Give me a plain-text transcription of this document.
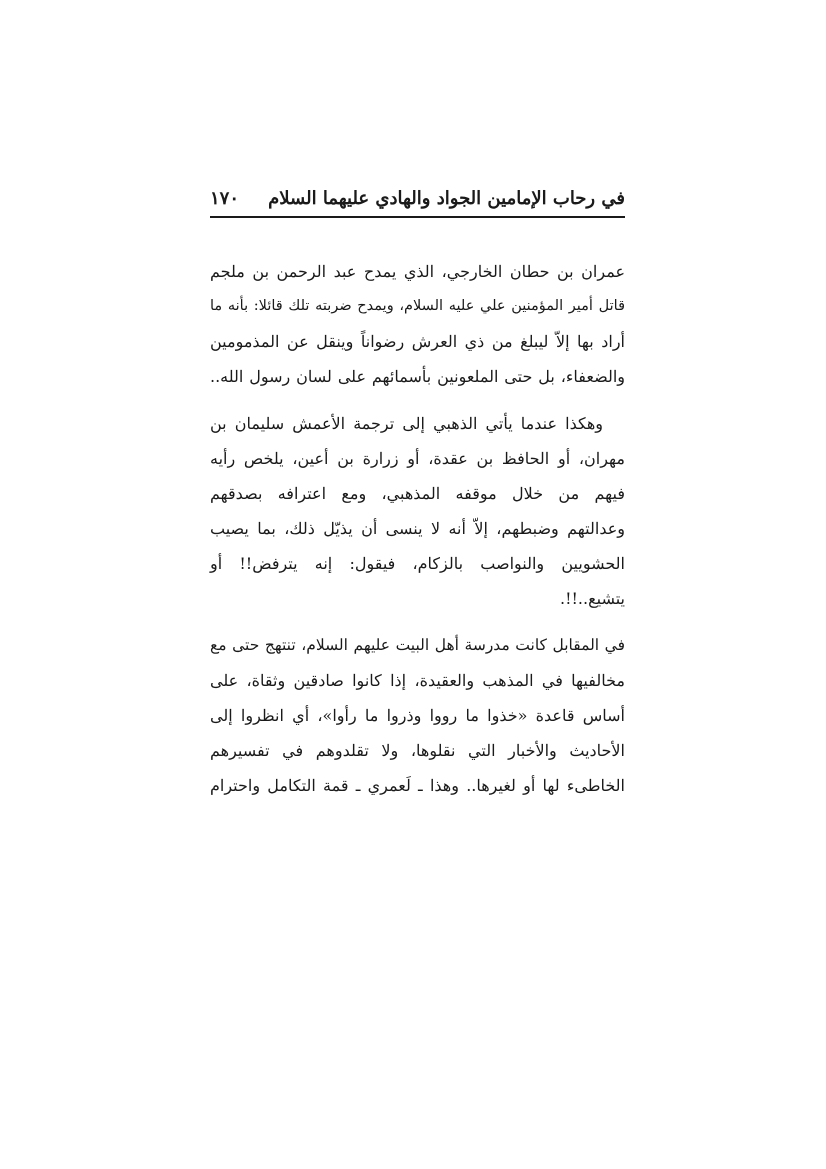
في رحاب الإمامين الجواد والهادي عليهما السلام
١٧٠

عمران بن حطان الخارجي، الذي يمدح عبد الرحمن بن ملجم
قاتل أمير المؤمنين علي عليه السلام، ويمدح ضربته تلك قائلا: بأنه ما
أراد بها إلاّ ليبلغ من ذي العرش رضواناً وينقل عن المذمومين
والضعفاء، بل حتى الملعونين بأسمائهم على لسان رسول الله..

وهكذا عندما يأتي الذهبي إلى ترجمة الأعمش سليمان بن
مهران، أو الحافظ بن عقدة، أو زرارة بن أعين، يلخص رأيه
فيهم من خلال موقفه المذهبي، ومع اعترافه بصدقهم
وعدالتهم وضبطهم، إلاّ أنه لا ينسى أن يذيّل ذلك، بما يصيب
الحشويين والنواصب بالزكام، فيقول: إنه يترفض!! أو
يتشيع..!!.

في المقابل كانت مدرسة أهل البيت عليهم السلام، تنتهج حتى مع
مخالفيها في المذهب والعقيدة، إذا كانوا صادقين وثقاة، على
أساس قاعدة «خذوا ما رووا وذروا ما رأوا»، أي انظروا إلى
الأحاديث والأخبار التي نقلوها، ولا تقلدوهم في تفسيرهم
الخاطىء لها أو لغيرها.. وهذا ـ لَعمري ـ قمة التكامل واحترام
